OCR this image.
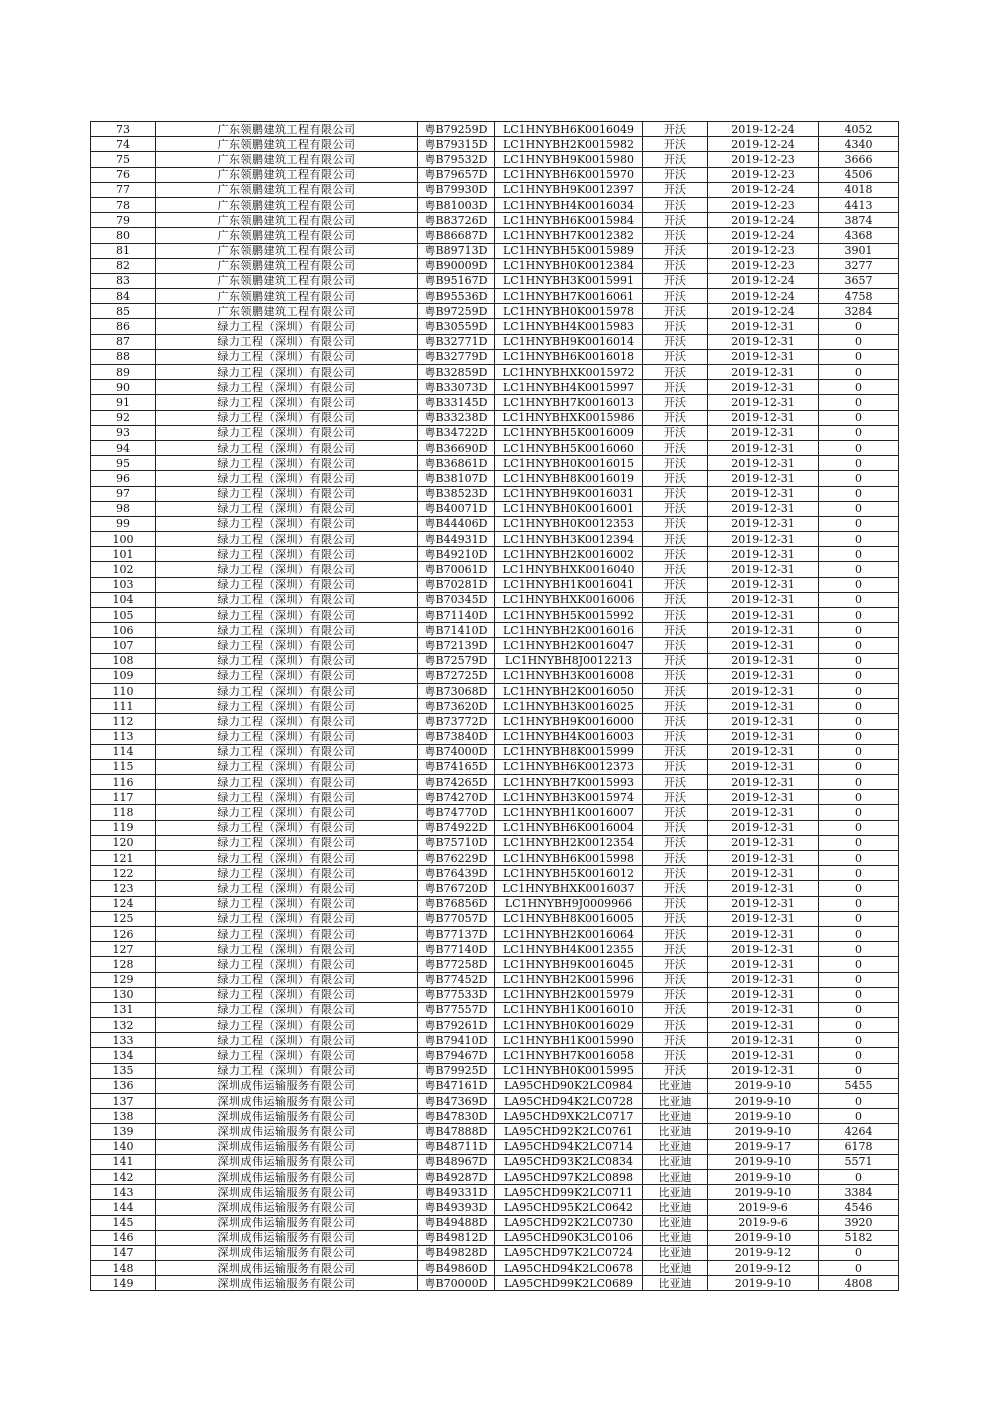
73	广东领鹏建筑工程有限公司	粤B79259D	LC1HNYBH6K0016049	开沃	2019-12-24	4052
74	广东领鹏建筑工程有限公司	粤B79315D	LC1HNYBH2K0015982	开沃	2019-12-24	4340
75	广东领鹏建筑工程有限公司	粤B79532D	LC1HNYBH9K0015980	开沃	2019-12-23	3666
76	广东领鹏建筑工程有限公司	粤B79657D	LC1HNYBH6K0015970	开沃	2019-12-23	4506
77	广东领鹏建筑工程有限公司	粤B79930D	LC1HNYBH9K0012397	开沃	2019-12-24	4018
78	广东领鹏建筑工程有限公司	粤B81003D	LC1HNYBH4K0016034	开沃	2019-12-23	4413
79	广东领鹏建筑工程有限公司	粤B83726D	LC1HNYBH6K0015984	开沃	2019-12-24	3874
80	广东领鹏建筑工程有限公司	粤B86687D	LC1HNYBH7K0012382	开沃	2019-12-24	4368
81	广东领鹏建筑工程有限公司	粤B89713D	LC1HNYBH5K0015989	开沃	2019-12-23	3901
82	广东领鹏建筑工程有限公司	粤B90009D	LC1HNYBH0K0012384	开沃	2019-12-23	3277
83	广东领鹏建筑工程有限公司	粤B95167D	LC1HNYBH3K0015991	开沃	2019-12-24	3657
84	广东领鹏建筑工程有限公司	粤B95536D	LC1HNYBH7K0016061	开沃	2019-12-24	4758
85	广东领鹏建筑工程有限公司	粤B97259D	LC1HNYBH0K0015978	开沃	2019-12-24	3284
86	绿力工程（深圳）有限公司	粤B30559D	LC1HNYBH4K0015983	开沃	2019-12-31	0
87	绿力工程（深圳）有限公司	粤B32771D	LC1HNYBH9K0016014	开沃	2019-12-31	0
88	绿力工程（深圳）有限公司	粤B32779D	LC1HNYBH6K0016018	开沃	2019-12-31	0
89	绿力工程（深圳）有限公司	粤B32859D	LC1HNYBHXK0015972	开沃	2019-12-31	0
90	绿力工程（深圳）有限公司	粤B33073D	LC1HNYBH4K0015997	开沃	2019-12-31	0
91	绿力工程（深圳）有限公司	粤B33145D	LC1HNYBH7K0016013	开沃	2019-12-31	0
92	绿力工程（深圳）有限公司	粤B33238D	LC1HNYBHXK0015986	开沃	2019-12-31	0
93	绿力工程（深圳）有限公司	粤B34722D	LC1HNYBH5K0016009	开沃	2019-12-31	0
94	绿力工程（深圳）有限公司	粤B36690D	LC1HNYBH5K0016060	开沃	2019-12-31	0
95	绿力工程（深圳）有限公司	粤B36861D	LC1HNYBH0K0016015	开沃	2019-12-31	0
96	绿力工程（深圳）有限公司	粤B38107D	LC1HNYBH8K0016019	开沃	2019-12-31	0
97	绿力工程（深圳）有限公司	粤B38523D	LC1HNYBH9K0016031	开沃	2019-12-31	0
98	绿力工程（深圳）有限公司	粤B40071D	LC1HNYBH0K0016001	开沃	2019-12-31	0
99	绿力工程（深圳）有限公司	粤B44406D	LC1HNYBH0K0012353	开沃	2019-12-31	0
100	绿力工程（深圳）有限公司	粤B44931D	LC1HNYBH3K0012394	开沃	2019-12-31	0
101	绿力工程（深圳）有限公司	粤B49210D	LC1HNYBH2K0016002	开沃	2019-12-31	0
102	绿力工程（深圳）有限公司	粤B70061D	LC1HNYBHXK0016040	开沃	2019-12-31	0
103	绿力工程（深圳）有限公司	粤B70281D	LC1HNYBH1K0016041	开沃	2019-12-31	0
104	绿力工程（深圳）有限公司	粤B70345D	LC1HNYBHXK0016006	开沃	2019-12-31	0
105	绿力工程（深圳）有限公司	粤B71140D	LC1HNYBH5K0015992	开沃	2019-12-31	0
106	绿力工程（深圳）有限公司	粤B71410D	LC1HNYBH2K0016016	开沃	2019-12-31	0
107	绿力工程（深圳）有限公司	粤B72139D	LC1HNYBH2K0016047	开沃	2019-12-31	0
108	绿力工程（深圳）有限公司	粤B72579D	LC1HNYBH8J0012213	开沃	2019-12-31	0
109	绿力工程（深圳）有限公司	粤B72725D	LC1HNYBH3K0016008	开沃	2019-12-31	0
110	绿力工程（深圳）有限公司	粤B73068D	LC1HNYBH2K0016050	开沃	2019-12-31	0
111	绿力工程（深圳）有限公司	粤B73620D	LC1HNYBH3K0016025	开沃	2019-12-31	0
112	绿力工程（深圳）有限公司	粤B73772D	LC1HNYBH9K0016000	开沃	2019-12-31	0
113	绿力工程（深圳）有限公司	粤B73840D	LC1HNYBH4K0016003	开沃	2019-12-31	0
114	绿力工程（深圳）有限公司	粤B74000D	LC1HNYBH8K0015999	开沃	2019-12-31	0
115	绿力工程（深圳）有限公司	粤B74165D	LC1HNYBH6K0012373	开沃	2019-12-31	0
116	绿力工程（深圳）有限公司	粤B74265D	LC1HNYBH7K0015993	开沃	2019-12-31	0
117	绿力工程（深圳）有限公司	粤B74270D	LC1HNYBH3K0015974	开沃	2019-12-31	0
118	绿力工程（深圳）有限公司	粤B74770D	LC1HNYBH1K0016007	开沃	2019-12-31	0
119	绿力工程（深圳）有限公司	粤B74922D	LC1HNYBH6K0016004	开沃	2019-12-31	0
120	绿力工程（深圳）有限公司	粤B75710D	LC1HNYBH2K0012354	开沃	2019-12-31	0
121	绿力工程（深圳）有限公司	粤B76229D	LC1HNYBH6K0015998	开沃	2019-12-31	0
122	绿力工程（深圳）有限公司	粤B76439D	LC1HNYBH5K0016012	开沃	2019-12-31	0
123	绿力工程（深圳）有限公司	粤B76720D	LC1HNYBHXK0016037	开沃	2019-12-31	0
124	绿力工程（深圳）有限公司	粤B76856D	LC1HNYBH9J0009966	开沃	2019-12-31	0
125	绿力工程（深圳）有限公司	粤B77057D	LC1HNYBH8K0016005	开沃	2019-12-31	0
126	绿力工程（深圳）有限公司	粤B77137D	LC1HNYBH2K0016064	开沃	2019-12-31	0
127	绿力工程（深圳）有限公司	粤B77140D	LC1HNYBH4K0012355	开沃	2019-12-31	0
128	绿力工程（深圳）有限公司	粤B77258D	LC1HNYBH9K0016045	开沃	2019-12-31	0
129	绿力工程（深圳）有限公司	粤B77452D	LC1HNYBH2K0015996	开沃	2019-12-31	0
130	绿力工程（深圳）有限公司	粤B77533D	LC1HNYBH2K0015979	开沃	2019-12-31	0
131	绿力工程（深圳）有限公司	粤B77557D	LC1HNYBH1K0016010	开沃	2019-12-31	0
132	绿力工程（深圳）有限公司	粤B79261D	LC1HNYBH0K0016029	开沃	2019-12-31	0
133	绿力工程（深圳）有限公司	粤B79410D	LC1HNYBH1K0015990	开沃	2019-12-31	0
134	绿力工程（深圳）有限公司	粤B79467D	LC1HNYBH7K0016058	开沃	2019-12-31	0
135	绿力工程（深圳）有限公司	粤B79925D	LC1HNYBH0K0015995	开沃	2019-12-31	0
136	深圳成伟运输服务有限公司	粤B47161D	LA95CHD90K2LC0984	比亚迪	2019-9-10	5455
137	深圳成伟运输服务有限公司	粤B47369D	LA95CHD94K2LC0728	比亚迪	2019-9-10	0
138	深圳成伟运输服务有限公司	粤B47830D	LA95CHD9XK2LC0717	比亚迪	2019-9-10	0
139	深圳成伟运输服务有限公司	粤B47888D	LA95CHD92K2LC0761	比亚迪	2019-9-10	4264
140	深圳成伟运输服务有限公司	粤B48711D	LA95CHD94K2LC0714	比亚迪	2019-9-17	6178
141	深圳成伟运输服务有限公司	粤B48967D	LA95CHD93K2LC0834	比亚迪	2019-9-10	5571
142	深圳成伟运输服务有限公司	粤B49287D	LA95CHD97K2LC0898	比亚迪	2019-9-10	0
143	深圳成伟运输服务有限公司	粤B49331D	LA95CHD99K2LC0711	比亚迪	2019-9-10	3384
144	深圳成伟运输服务有限公司	粤B49393D	LA95CHD95K2LC0642	比亚迪	2019-9-6	4546
145	深圳成伟运输服务有限公司	粤B49488D	LA95CHD92K2LC0730	比亚迪	2019-9-6	3920
146	深圳成伟运输服务有限公司	粤B49812D	LA95CHD90K3LC0106	比亚迪	2019-9-10	5182
147	深圳成伟运输服务有限公司	粤B49828D	LA95CHD97K2LC0724	比亚迪	2019-9-12	0
148	深圳成伟运输服务有限公司	粤B49860D	LA95CHD94K2LC0678	比亚迪	2019-9-12	0
149	深圳成伟运输服务有限公司	粤B70000D	LA95CHD99K2LC0689	比亚迪	2019-9-10	4808
